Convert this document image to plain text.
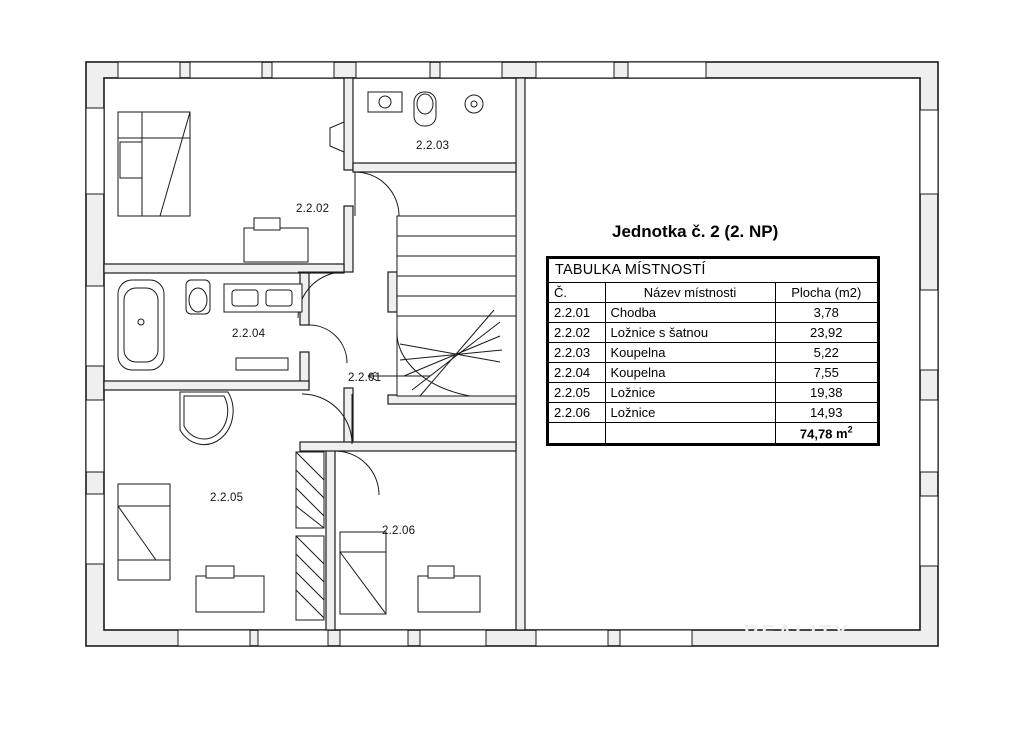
2.2.03
2.2.02
2.2.04
2.2.01
2.2.05
2.2.06
Jednotka č. 2 (2. NP)
TABULKA MÍSTNOSTÍ
Č.	Název místnosti	Plocha (m2)
2.2.01	Chodba	3,78
2.2.02	Ložnice s šatnou	23,92
2.2.03	Koupelna	5,22
2.2.04	Koupelna	7,55
2.2.05	Ložnice	19,38
2.2.06	Ložnice	14,93
		74,78 $m^2$
REALITY
